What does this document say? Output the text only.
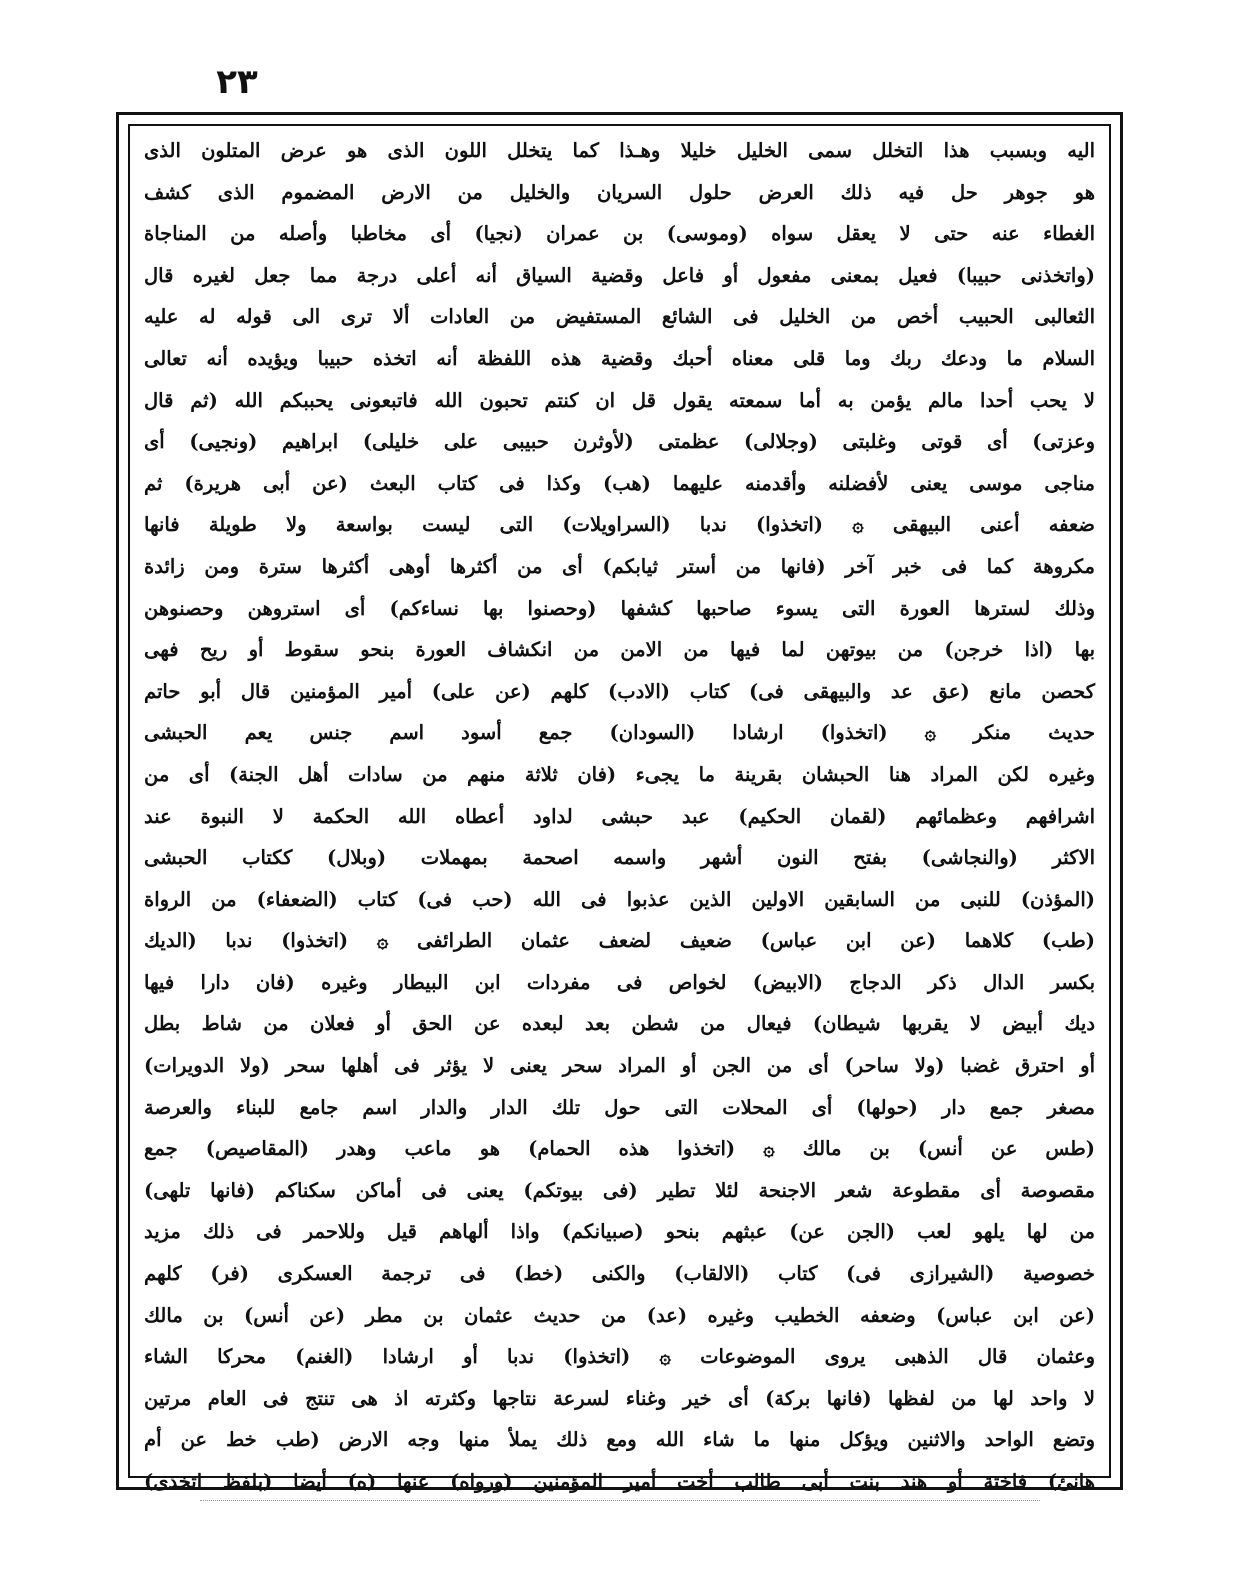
٢٣
اليه وبسبب هذا التخلل سمى الخليل خليلا وهـذا كما يتخلل اللون الذى هو عرض المتلون الذى
هو جوهر حل فيه ذلك العرض حلول السريان والخليل من الارض المضموم الذى كشف
الغطاء عنه حتى لا يعقل سواه (وموسى) بن عمران (نجيا) أى مخاطبا وأصله من المناجاة
(واتخذنى حبيبا) فعيل بمعنى مفعول أو فاعل وقضية السياق أنه أعلى درجة مما جعل لغيره قال
الثعالبى الحبيب أخص من الخليل فى الشائع المستفيض من العادات ألا ترى الى قوله له عليه
السلام ما ودعك ربك وما قلى معناه أحبك وقضية هذه اللفظة أنه اتخذه حبيبا ويؤيده أنه تعالى
لا يحب أحدا مالم يؤمن به أما سمعته يقول قل ان كنتم تحبون الله فاتبعونى يحببكم الله (ثم قال
وعزتى) أى قوتى وغلبتى (وجلالى) عظمتى (لأوثرن حبيبى على خليلى) ابراهيم (ونجيى) أى
مناجى موسى يعنى لأفضلنه وأقدمنه عليهما (هب) وكذا فى كتاب البعث (عن أبى هريرة) ثم
ضعفه أعنى البيهقى ۞ (اتخذوا) ندبا (السراويلات) التى ليست بواسعة ولا طويلة فانها
مكروهة كما فى خبر آخر (فانها من أستر ثيابكم) أى من أكثرها أوهى أكثرها سترة ومن زائدة
وذلك لسترها العورة التى يسوء صاحبها كشفها (وحصنوا بها نساءكم) أى استروهن وحصنوهن
بها (اذا خرجن) من بيوتهن لما فيها من الامن من انكشاف العورة بنحو سقوط أو ريح فهى
كحصن مانع (عق عد والبيهقى فى) كتاب (الادب) كلهم (عن على) أمير المؤمنين قال أبو حاتم
حديث منكر ۞ (اتخذوا) ارشادا (السودان) جمع أسود اسم جنس يعم الحبشى
وغيره لكن المراد هنا الحبشان بقرينة ما يجىء (فان ثلاثة منهم من سادات أهل الجنة) أى من
اشرافهم وعظمائهم (لقمان الحكيم) عبد حبشى لداود أعطاه الله الحكمة لا النبوة عند
الاكثر (والنجاشى) بفتح النون أشهر واسمه اصحمة بمهملات (وبلال) ككتاب الحبشى
(المؤذن) للنبى من السابقين الاولين الذين عذبوا فى الله (حب فى) كتاب (الضعفاء) من الرواة
(طب) كلاهما (عن ابن عباس) ضعيف لضعف عثمان الطرائفى ۞ (اتخذوا) ندبا (الديك
بكسر الدال ذكر الدجاج (الابيض) لخواص فى مفردات ابن البيطار وغيره (فان دارا فيها
ديك أبيض لا يقربها شيطان) فيعال من شطن بعد لبعده عن الحق أو فعلان من شاط بطل
أو احترق غضبا (ولا ساحر) أى من الجن أو المراد سحر يعنى لا يؤثر فى أهلها سحر (ولا الدويرات)
مصغر جمع دار (حولها) أى المحلات التى حول تلك الدار والدار اسم جامع للبناء والعرصة
(طس عن أنس) بن مالك ۞ (اتخذوا هذه الحمام) هو ماعب وهدر (المقاصيص) جمع
مقصوصة أى مقطوعة شعر الاجنحة لئلا تطير (فى بيوتكم) يعنى فى أماكن سكناكم (فانها تلهى)
من لها يلهو لعب (الجن عن) عبثهم بنحو (صبيانكم) واذا ألهاهم قيل وللاحمر فى ذلك مزيد
خصوصية (الشيرازى فى) كتاب (الالقاب) والكنى (خط) فى ترجمة العسكرى (فر) كلهم
(عن ابن عباس) وضعفه الخطيب وغيره (عد) من حديث عثمان بن مطر (عن أنس) بن مالك
وعثمان قال الذهبى يروى الموضوعات ۞ (اتخذوا) ندبا أو ارشادا (الغنم) محركا الشاء
لا واحد لها من لفظها (فانها بركة) أى خير وغناء لسرعة نتاجها وكثرته اذ هى تنتج فى العام مرتين
وتضع الواحد والاثنين ويؤكل منها ما شاء الله ومع ذلك يملأ منها وجه الارض (طب خط عن أم
هانئ) فاختة أو هند بنت أبى طالب أخت أمير المؤمنين (ورواه) عنها (ه) أيضا (بلفظ اتخذى)
